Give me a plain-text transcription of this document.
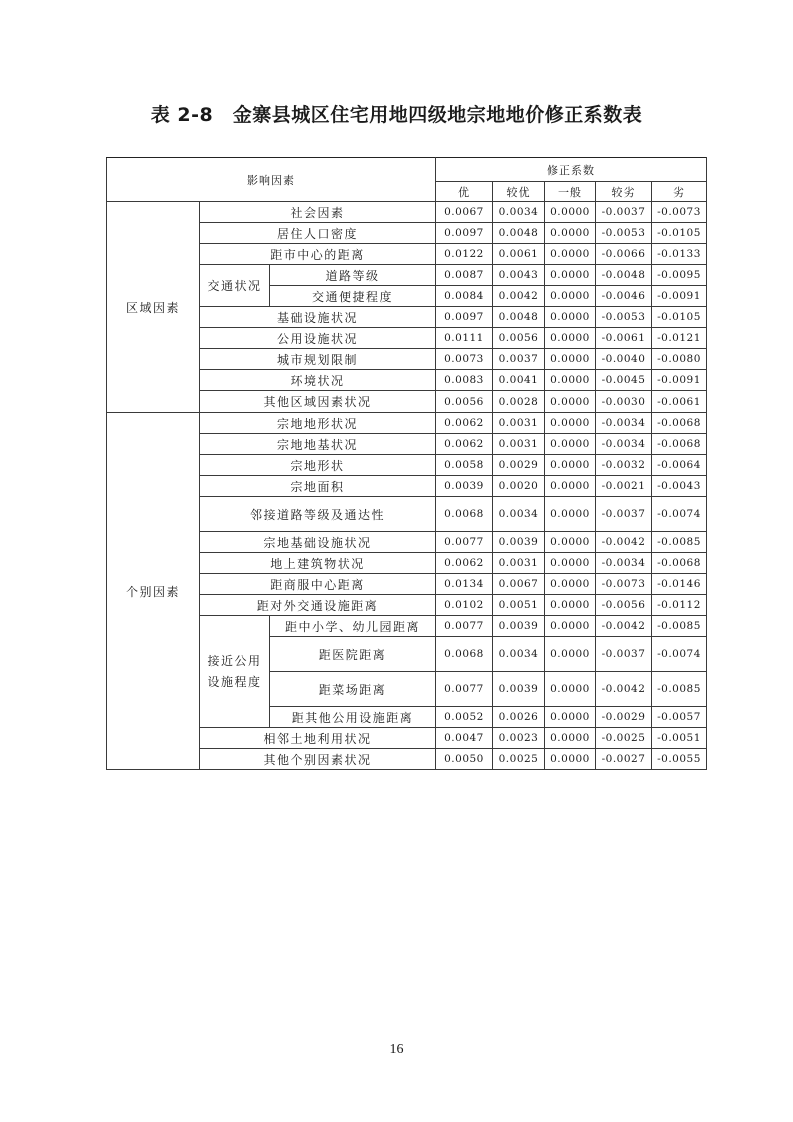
表 2-8　金寨县城区住宅用地四级地宗地地价修正系数表
影响因素			修正系数				
			优	较优	一般	较劣	劣
区域因素	社会因素		0.0067	0.0034	0.0000	-0.0037	-0.0073
	居住人口密度		0.0097	0.0048	0.0000	-0.0053	-0.0105
	距市中心的距离		0.0122	0.0061	0.0000	-0.0066	-0.0133
	交通状况	道路等级	0.0087	0.0043	0.0000	-0.0048	-0.0095
		交通便捷程度	0.0084	0.0042	0.0000	-0.0046	-0.0091
	基础设施状况		0.0097	0.0048	0.0000	-0.0053	-0.0105
	公用设施状况		0.0111	0.0056	0.0000	-0.0061	-0.0121
	城市规划限制		0.0073	0.0037	0.0000	-0.0040	-0.0080
	环境状况		0.0083	0.0041	0.0000	-0.0045	-0.0091
	其他区域因素状况		0.0056	0.0028	0.0000	-0.0030	-0.0061
个别因素	宗地地形状况		0.0062	0.0031	0.0000	-0.0034	-0.0068
	宗地地基状况		0.0062	0.0031	0.0000	-0.0034	-0.0068
	宗地形状		0.0058	0.0029	0.0000	-0.0032	-0.0064
	宗地面积		0.0039	0.0020	0.0000	-0.0021	-0.0043
	邻接道路等级及通达性		0.0068	0.0034	0.0000	-0.0037	-0.0074
	宗地基础设施状况		0.0077	0.0039	0.0000	-0.0042	-0.0085
	地上建筑物状况		0.0062	0.0031	0.0000	-0.0034	-0.0068
	距商服中心距离		0.0134	0.0067	0.0000	-0.0073	-0.0146
	距对外交通设施距离		0.0102	0.0051	0.0000	-0.0056	-0.0112
	接近公用设施程度	距中小学、幼儿园距离	0.0077	0.0039	0.0000	-0.0042	-0.0085
		距医院距离	0.0068	0.0034	0.0000	-0.0037	-0.0074
		距菜场距离	0.0077	0.0039	0.0000	-0.0042	-0.0085
		距其他公用设施距离	0.0052	0.0026	0.0000	-0.0029	-0.0057
	相邻土地利用状况		0.0047	0.0023	0.0000	-0.0025	-0.0051
	其他个别因素状况		0.0050	0.0025	0.0000	-0.0027	-0.0055
16
